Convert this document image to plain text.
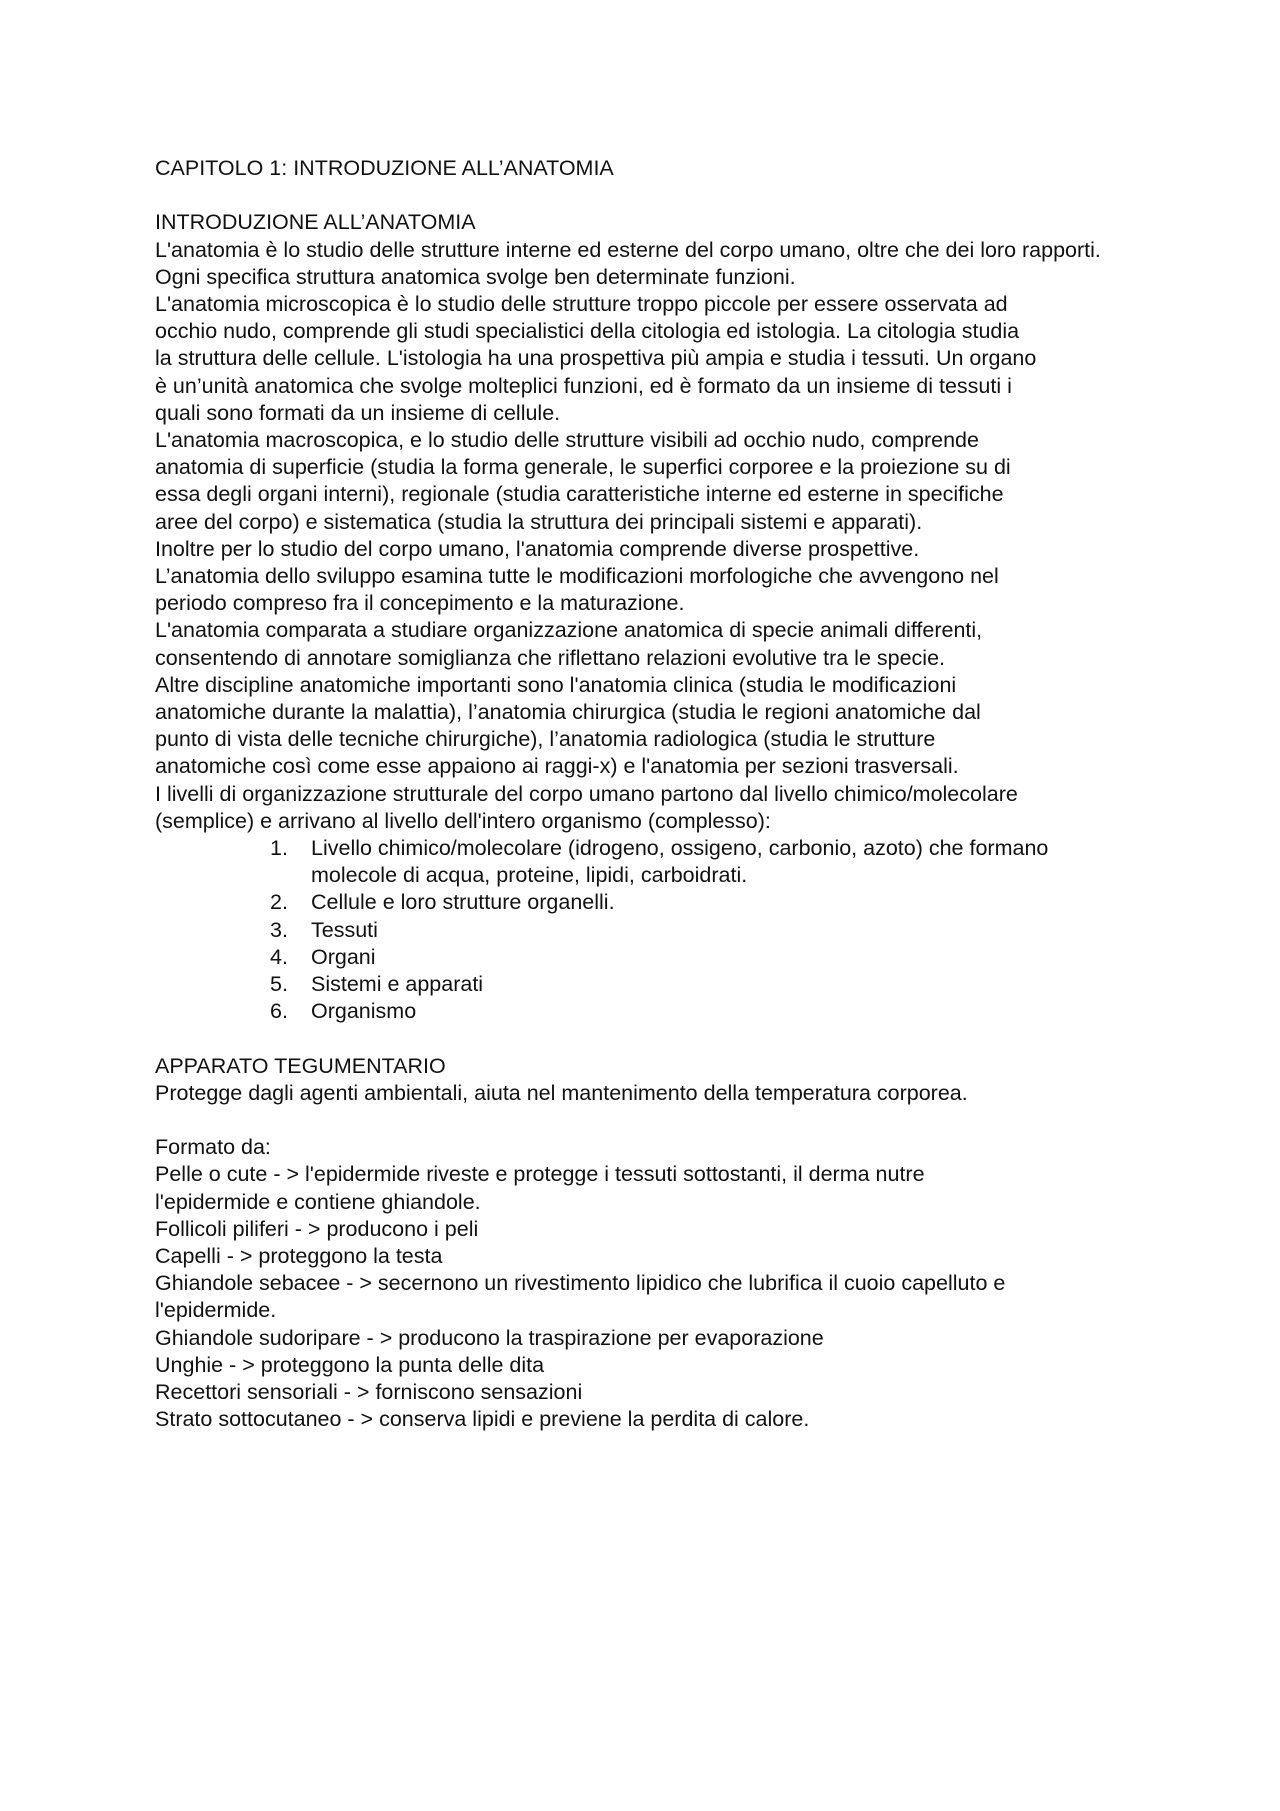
CAPITOLO 1: INTRODUZIONE ALL’ANATOMIA
INTRODUZIONE ALL’ANATOMIA
L'anatomia è lo studio delle strutture interne ed esterne del corpo umano, oltre che dei loro rapporti.
Ogni specifica struttura anatomica svolge ben determinate funzioni.
L'anatomia microscopica è lo studio delle strutture troppo piccole per essere osservata ad
occhio nudo, comprende gli studi specialistici della citologia ed istologia. La citologia studia
la struttura delle cellule. L'istologia ha una prospettiva più ampia e studia i tessuti. Un organo
è un’unità anatomica che svolge molteplici funzioni, ed è formato da un insieme di tessuti i
quali sono formati da un insieme di cellule.
L'anatomia macroscopica, e lo studio delle strutture visibili ad occhio nudo, comprende
anatomia di superficie (studia la forma generale, le superfici corporee e la proiezione su di
essa degli organi interni), regionale (studia caratteristiche interne ed esterne in specifiche
aree del corpo) e sistematica (studia la struttura dei principali sistemi e apparati).
Inoltre per lo studio del corpo umano, l'anatomia comprende diverse prospettive.
L’anatomia dello sviluppo esamina tutte le modificazioni morfologiche che avvengono nel
periodo compreso fra il concepimento e la maturazione.
L'anatomia comparata a studiare organizzazione anatomica di specie animali differenti,
consentendo di annotare somiglianza che riflettano relazioni evolutive tra le specie.
Altre discipline anatomiche importanti sono l'anatomia clinica (studia le modificazioni
anatomiche durante la malattia), l’anatomia chirurgica (studia le regioni anatomiche dal
punto di vista delle tecniche chirurgiche), l’anatomia radiologica (studia le strutture
anatomiche così come esse appaiono ai raggi-x) e l'anatomia per sezioni trasversali.
I livelli di organizzazione strutturale del corpo umano partono dal livello chimico/molecolare
(semplice) e arrivano al livello dell'intero organismo (complesso):
1.	Livello chimico/molecolare (idrogeno, ossigeno, carbonio, azoto) che formano
molecole di acqua, proteine, lipidi, carboidrati.
2.	Cellule e loro strutture organelli.
3.	Tessuti
4.	Organi
5.	Sistemi e apparati
6.	Organismo
APPARATO TEGUMENTARIO
Protegge dagli agenti ambientali, aiuta nel mantenimento della temperatura corporea.
Formato da:
Pelle o cute - > l'epidermide riveste e protegge i tessuti sottostanti, il derma nutre
l'epidermide e contiene ghiandole.
Follicoli piliferi - > producono i peli
Capelli - > proteggono la testa
Ghiandole sebacee - > secernono un rivestimento lipidico che lubrifica il cuoio capelluto e
l'epidermide.
Ghiandole sudoripare - > producono la traspirazione per evaporazione
Unghie - > proteggono la punta delle dita
Recettori sensoriali - > forniscono sensazioni
Strato sottocutaneo - > conserva lipidi e previene la perdita di calore.
